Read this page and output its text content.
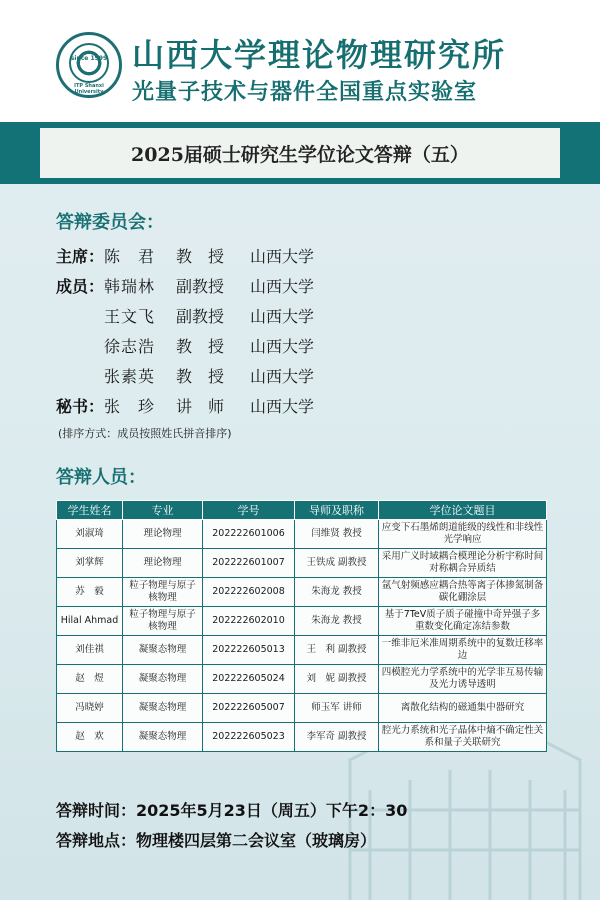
since 1999
ITP Shanxi University
山西大学理论物理研究所
光量子技术与器件全国重点实验室
2025届硕士研究生学位论文答辩（五）
答辩委员会：
主席： 陈　君	教　授	山西大学
成员： 韩瑞林	副教授	山西大学
王文飞	副教授	山西大学
徐志浩	教　授	山西大学
张素英	教　授	山西大学
秘书： 张　珍	讲　师	山西大学
(排序方式：成员按照姓氏拼音排序)
答辩人员：
学生姓名	专业	学号	导师及职称	学位论文题目
刘淑琦	理论物理	202222601006	闫维贤 教授	应变下石墨烯朗道能级的线性和非线性光学响应
刘掌辉	理论物理	202222601007	王铁成 副教授	采用广义时域耦合模理论分析宇称时间对称耦合异质结
苏　毅	粒子物理与原子核物理	202222602008	朱海龙 教授	氩气射频感应耦合热等离子体掺氮制备碳化硼涂层
Hilal Ahmad	粒子物理与原子核物理	202222602010	朱海龙 教授	基于7TeV质子质子碰撞中奇异强子多重数变化确定冻结参数
刘佳祺	凝聚态物理	202222605013	王　利 副教授	一维非厄米准周期系统中的复数迁移率边
赵　煜	凝聚态物理	202222605024	刘　妮 副教授	四模腔光力学系统中的光学非互易传输及光力诱导透明
冯晓婷	凝聚态物理	202222605007	师玉军 讲师	离散化结构的磁通集中器研究
赵　欢	凝聚态物理	202222605023	李军奇 副教授	腔光力系统和光子晶体中熵不确定性关系和量子关联研究
答辩时间：2025年5月23日（周五）下午2：30
答辩地点：物理楼四层第二会议室（玻璃房）
